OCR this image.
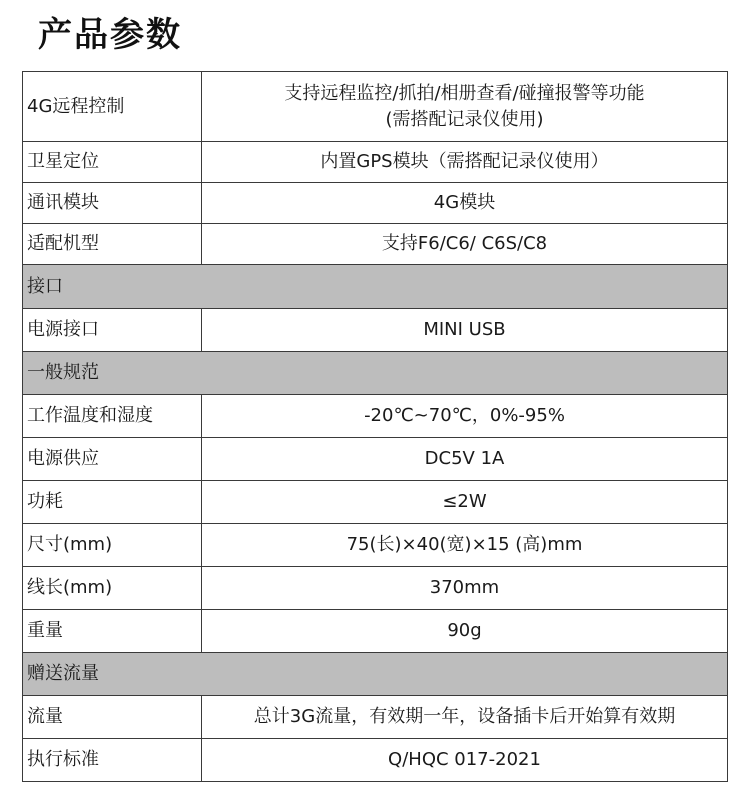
产品参数
4G远程控制	支持远程监控/抓拍/相册查看/碰撞报警等功能
(需搭配记录仪使用)

卫星定位	内置GPS模块（需搭配记录仪使用）
通讯模块	4G模块
适配机型	支持F6/C6/ C6S/C8
接口	
电源接口	MINI USB
一般规范	
工作温度和湿度	-20℃~70℃，0%-95%
电源供应	DC5V 1A
功耗	≤2W
尺寸(mm)	75(长)×40(宽)×15 (高)mm
线长(mm)	370mm
重量	90g
赠送流量	
流量	总计3G流量，有效期一年，设备插卡后开始算有效期
执行标准	Q/HQC 017-2021
